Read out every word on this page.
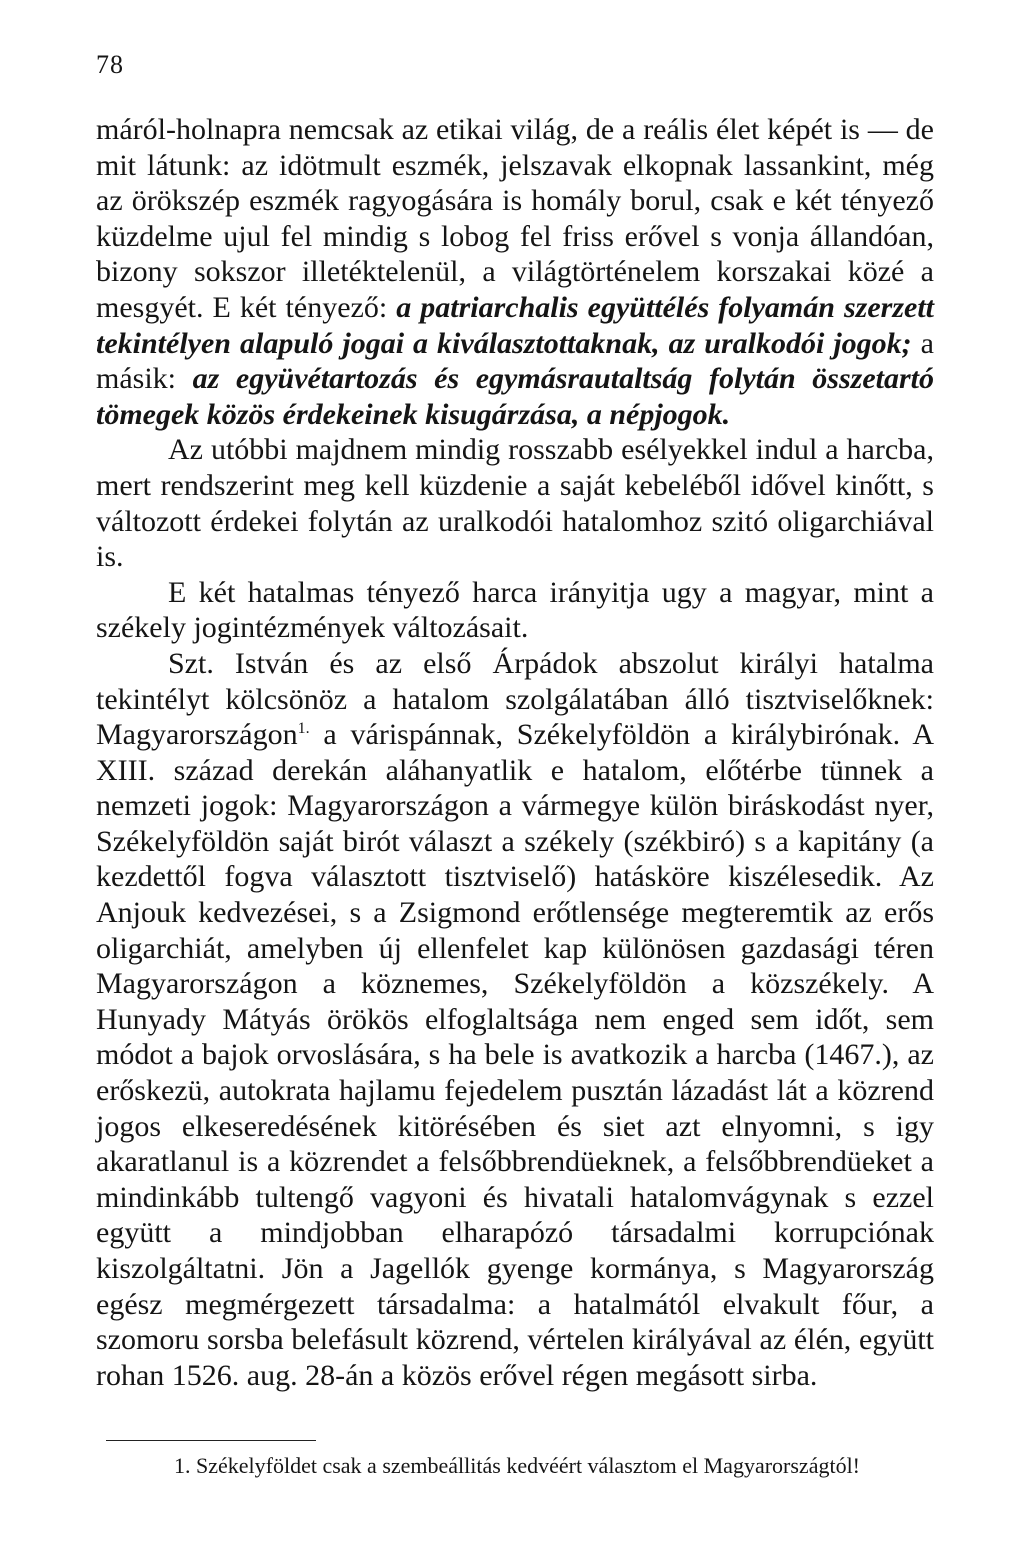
78

máról-holnapra nemcsak az etikai világ, de a reális élet képét is — de mit látunk: az idötmult eszmék, jelszavak elkopnak lassankint, még az örökszép eszmék ragyogására is homály borul, csak e két tényező küzdelme ujul fel mindig s lobog fel friss erővel s vonja állandóan, bizony sokszor illetéktelenül, a világtörténelem korszakai közé a mesgyét. E két tényező: a patriarchalis együttélés folyamán szerzett tekintélyen alapuló jogai a kiválasztottaknak, az uralkodói jogok; a másik: az együvétartozás és egymásrautaltság folytán összetartó tömegek közös érdekeinek kisugárzása, a népjogok.

Az utóbbi majdnem mindig rosszabb esélyekkel indul a harcba, mert rendszerint meg kell küzdenie a saját kebeléből idővel kinőtt, s változott érdekei folytán az uralkodói hatalomhoz szitó oligarchiával is.

E két hatalmas tényező harca irányitja ugy a magyar, mint a székely jogintézmények változásait.

Szt. István és az első Árpádok abszolut királyi hatalma tekintélyt kölcsönöz a hatalom szolgálatában álló tisztviselőknek: Magyarországon$^{1.}$ a várispánnak, Székelyföldön a királybirónak. A XIII. század derekán aláhanyatlik e hatalom, előtérbe tünnek a nemzeti jogok: Magyarországon a vármegye külön biráskodást nyer, Székelyföldön saját birót választ a székely (székbiró) s a kapitány (a kezdettől fogva választott tisztviselő) hatásköre kiszélesedik. Az Anjouk kedvezései, s a Zsigmond erőtlensége megteremtik az erős oligarchiát, amelyben új ellenfelet kap különösen gazdasági téren Magyarországon a köznemes, Székelyföldön a közszékely. A Hunyady Mátyás örökös elfoglaltsága nem enged sem időt, sem módot a bajok orvoslására, s ha bele is avatkozik a harcba (1467.), az erőskezü, autokrata hajlamu fejedelem pusztán lázadást lát a közrend jogos elkeseredésének kitörésében és siet azt elnyomni, s igy akaratlanul is a közrendet a felsőbbrendüeknek, a felsőbbrendüeket a mindinkább tultengő vagyoni és hivatali hatalomvágynak s ezzel együtt a mindjobban elharapózó társadalmi korrupciónak kiszolgáltatni. Jön a Jagellók gyenge kormánya, s Magyarország egész megmérgezett társadalma: a hatalmától elvakult főur, a szomoru sorsba belefásult közrend, vértelen királyával az élén, együtt rohan 1526. aug. 28-án a közös erővel régen megásott sirba.

1. Székelyföldet csak a szembeállitás kedvéért választom el Magyarországtól!
